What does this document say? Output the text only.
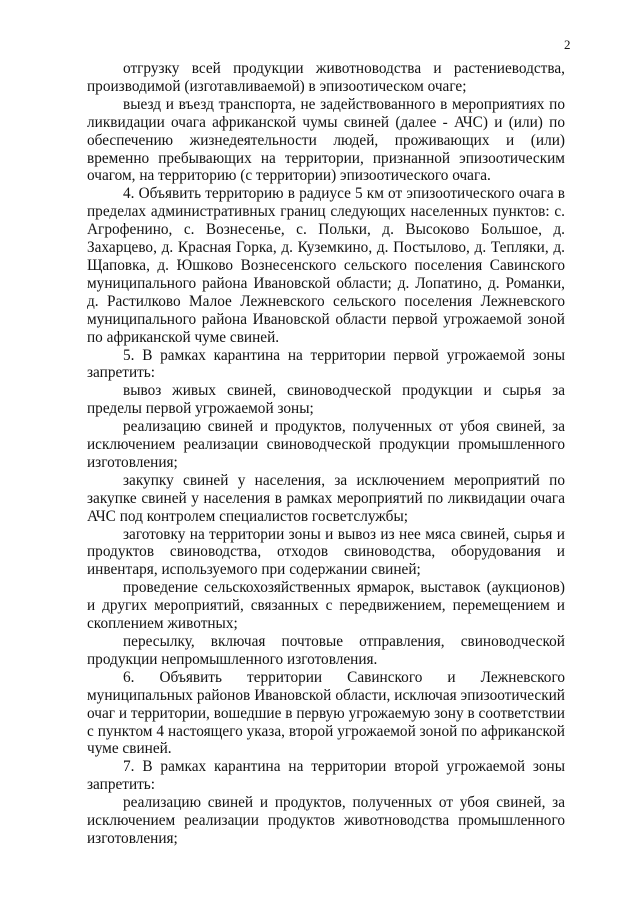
2

отгрузку всей продукции животноводства и растениеводства, производимой (изготавливаемой) в эпизоотическом очаге;

выезд и въезд транспорта, не задействованного в мероприятиях по ликвидации очага африканской чумы свиней (далее - АЧС) и (или) по обеспечению жизнедеятельности людей, проживающих и (или) временно пребывающих на территории, признанной эпизоотическим очагом, на территорию (с территории) эпизоотического очага.

4. Объявить территорию в радиусе 5 км от эпизоотического очага в пределах административных границ следующих населенных пунктов: с. Агрофенино, с. Вознесенье, с. Польки, д. Высоково Большое, д. Захарцево, д. Красная Горка, д. Куземкино, д. Постылово, д. Тепляки, д. Щаповка, д. Юшково Вознесенского сельского поселения Савинского муниципального района Ивановской области; д. Лопатино, д. Романки, д. Растилково Малое Лежневского сельского поселения Лежневского муниципального района Ивановской области первой угрожаемой зоной по африканской чуме свиней.

5. В рамках карантина на территории первой угрожаемой зоны запретить:

вывоз живых свиней, свиноводческой продукции и сырья за пределы первой угрожаемой зоны;

реализацию свиней и продуктов, полученных от убоя свиней, за исключением реализации свиноводческой продукции промышленного изготовления;

закупку свиней у населения, за исключением мероприятий по закупке свиней у населения в рамках мероприятий по ликвидации очага АЧС под контролем специалистов госветслужбы;

заготовку на территории зоны и вывоз из нее мяса свиней, сырья и продуктов свиноводства, отходов свиноводства, оборудования и инвентаря, используемого при содержании свиней;

проведение сельскохозяйственных ярмарок, выставок (аукционов) и других мероприятий, связанных с передвижением, перемещением и скоплением животных;

пересылку, включая почтовые отправления, свиноводческой продукции непромышленного изготовления.

6. Объявить территории Савинского и Лежневского муниципальных районов Ивановской области, исключая эпизоотический очаг и территории, вошедшие в первую угрожаемую зону в соответствии с пунктом 4 настоящего указа, второй угрожаемой зоной по африканской чуме свиней.

7. В рамках карантина на территории второй угрожаемой зоны запретить:

реализацию свиней и продуктов, полученных от убоя свиней, за исключением реализации продуктов животноводства промышленного изготовления;
